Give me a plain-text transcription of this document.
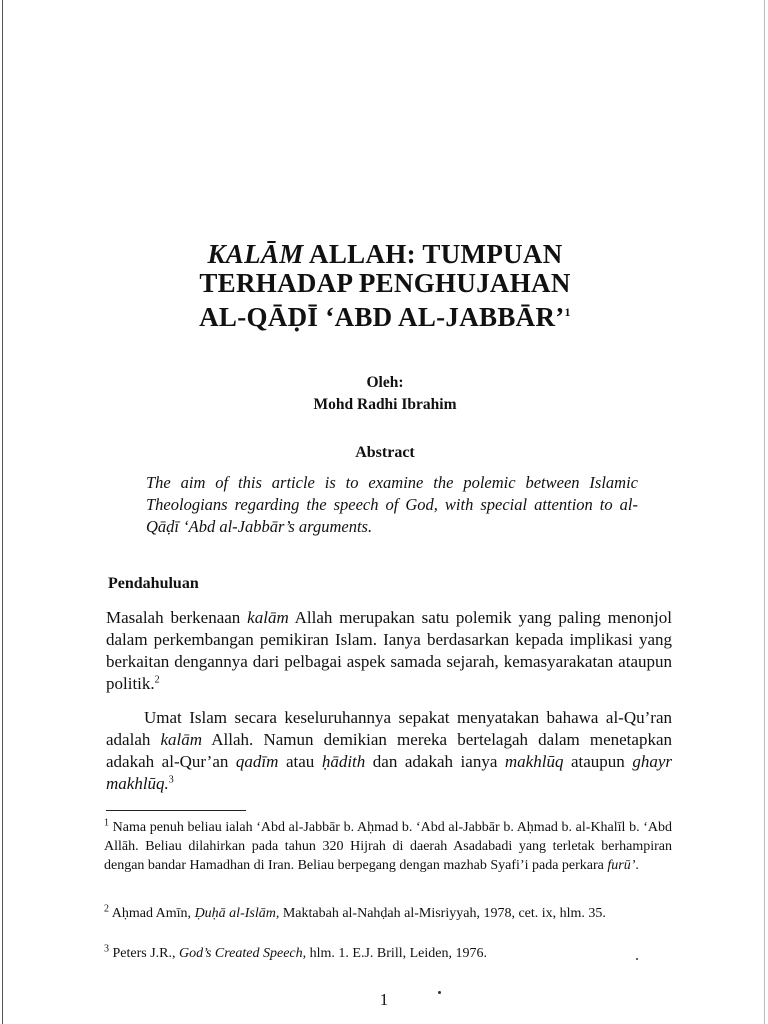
KALĀM ALLAH: TUMPUAN
TERHADAP PENGHUJAHAN
AL-QĀḌĪ ‘ABD AL-JABBĀR’$^1$
Oleh:
Mohd Radhi Ibrahim
Abstract
The aim of this article is to examine the polemic between Islamic Theologians regarding the speech of God, with special attention to al-Qāḍī ‘Abd al-Jabbār’s arguments.
Pendahuluan
Masalah berkenaan kalām Allah merupakan satu polemik yang paling menonjol dalam perkembangan pemikiran Islam. Ianya berdasarkan kepada implikasi yang berkaitan dengannya dari pelbagai aspek samada sejarah, kemasyarakatan ataupun politik.$^2$
Umat Islam secara keseluruhannya sepakat menyatakan bahawa al-Qu’ran adalah kalām Allah. Namun demikian mereka bertelagah dalam menetapkan adakah al-Qur’an qadīm atau ḥādith dan adakah ianya makhlūq ataupun ghayr makhlūq.$^3$
$^1$ Nama penuh beliau ialah ‘Abd al-Jabbār b. Aḥmad b. ‘Abd al-Jabbār b. Aḥmad b. al-Khalīl b. ‘Abd Allāh. Beliau dilahirkan pada tahun 320 Hijrah di daerah Asadabadi yang terletak berhampiran dengan bandar Hamadhan di Iran. Beliau berpegang dengan mazhab Syafi’i pada perkara furū’.
$^2$ Aḥmad Amīn, Ḍuḥā al-Islām, Maktabah al-Nahḍah al-Misriyyah, 1978, cet. ix, hlm. 35.
$^3$ Peters J.R., God’s Created Speech, hlm. 1. E.J. Brill, Leiden, 1976.
1
